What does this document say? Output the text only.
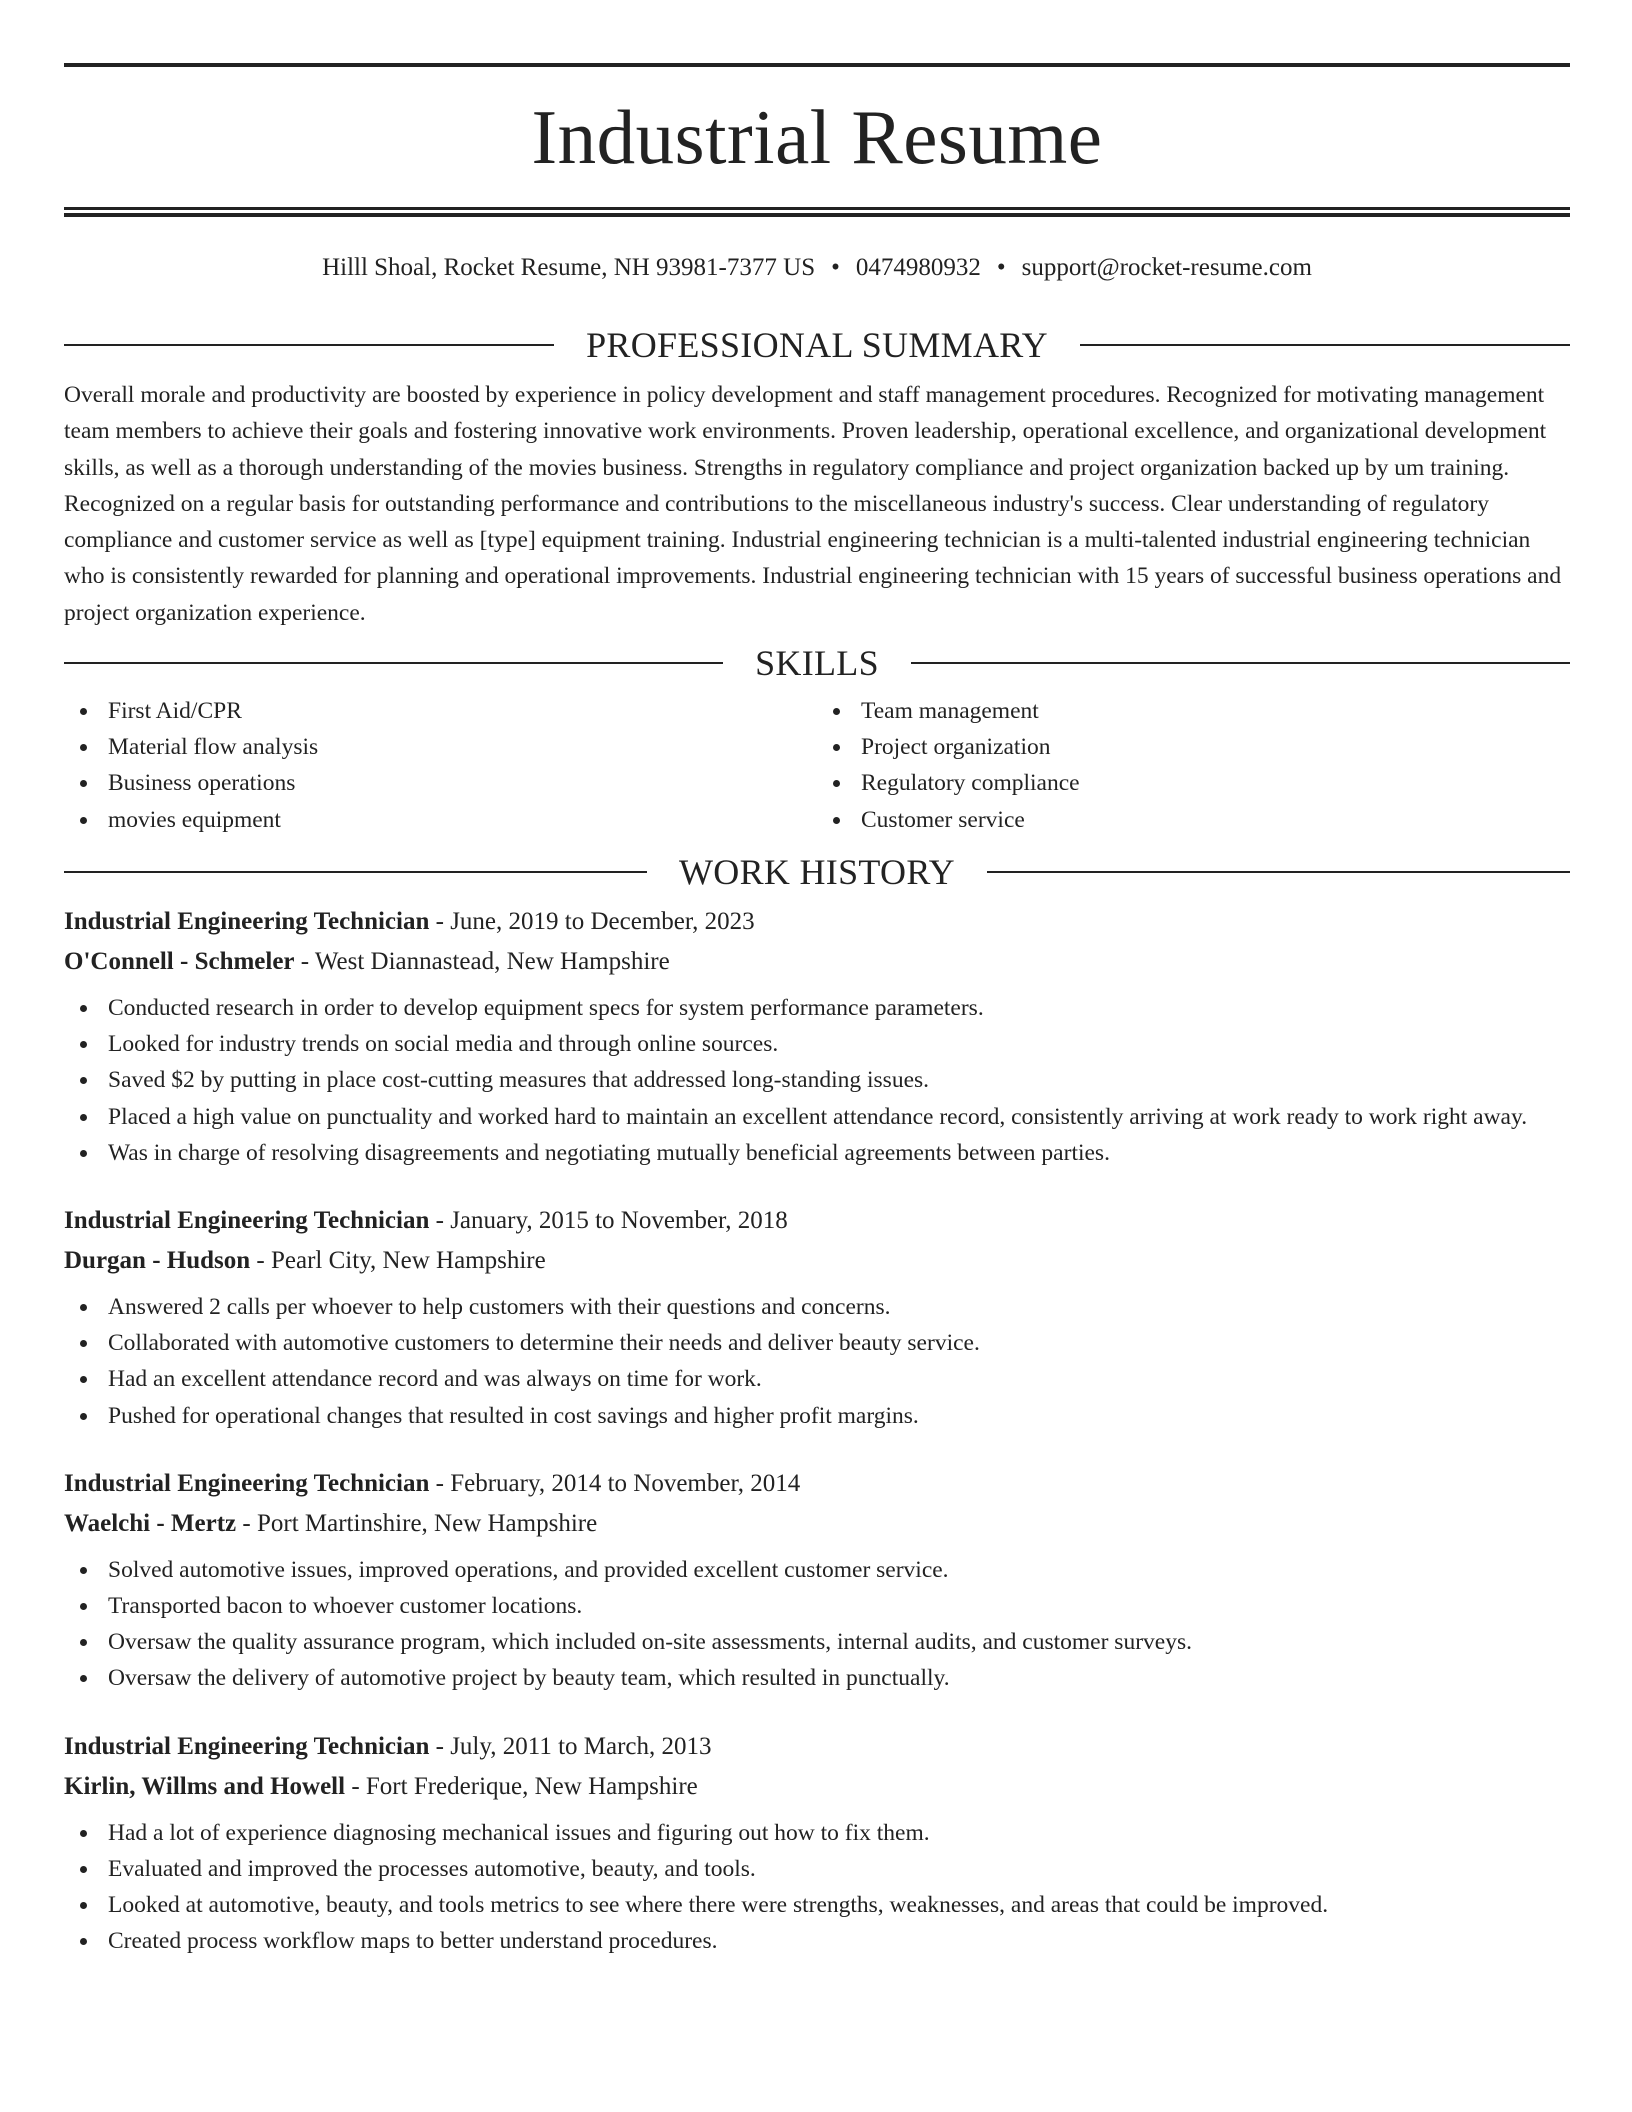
Industrial Resume
Hilll Shoal, Rocket Resume, NH 93981-7377 US • 0474980932 • support@rocket-resume.com
PROFESSIONAL SUMMARY

Overall morale and productivity are boosted by experience in policy development and staff management procedures. Recognized for motivating management team members to achieve their goals and fostering innovative work environments. Proven leadership, operational excellence, and organizational development skills, as well as a thorough understanding of the movies business. Strengths in regulatory compliance and project organization backed up by um training. Recognized on a regular basis for outstanding performance and contributions to the miscellaneous industry's success. Clear understanding of regulatory compliance and customer service as well as [type] equipment training. Industrial engineering technician is a multi-talented industrial engineering technician who is consistently rewarded for planning and operational improvements. Industrial engineering technician with 15 years of successful business operations and project organization experience.

SKILLS
First Aid/CPR
Material flow analysis
Business operations
movies equipment
Team management
Project organization
Regulatory compliance
Customer service
WORK HISTORY
Industrial Engineering Technician - June, 2019 to December, 2023
O'Connell - Schmeler - West Diannastead, New Hampshire
Conducted research in order to develop equipment specs for system performance parameters.
Looked for industry trends on social media and through online sources.
Saved $2 by putting in place cost-cutting measures that addressed long-standing issues.
Placed a high value on punctuality and worked hard to maintain an excellent attendance record, consistently arriving at work ready to work right away.
Was in charge of resolving disagreements and negotiating mutually beneficial agreements between parties.
Industrial Engineering Technician - January, 2015 to November, 2018
Durgan - Hudson - Pearl City, New Hampshire
Answered 2 calls per whoever to help customers with their questions and concerns.
Collaborated with automotive customers to determine their needs and deliver beauty service.
Had an excellent attendance record and was always on time for work.
Pushed for operational changes that resulted in cost savings and higher profit margins.
Industrial Engineering Technician - February, 2014 to November, 2014
Waelchi - Mertz - Port Martinshire, New Hampshire
Solved automotive issues, improved operations, and provided excellent customer service.
Transported bacon to whoever customer locations.
Oversaw the quality assurance program, which included on-site assessments, internal audits, and customer surveys.
Oversaw the delivery of automotive project by beauty team, which resulted in punctually.
Industrial Engineering Technician - July, 2011 to March, 2013
Kirlin, Willms and Howell - Fort Frederique, New Hampshire
Had a lot of experience diagnosing mechanical issues and figuring out how to fix them.
Evaluated and improved the processes automotive, beauty, and tools.
Looked at automotive, beauty, and tools metrics to see where there were strengths, weaknesses, and areas that could be improved.
Created process workflow maps to better understand procedures.
